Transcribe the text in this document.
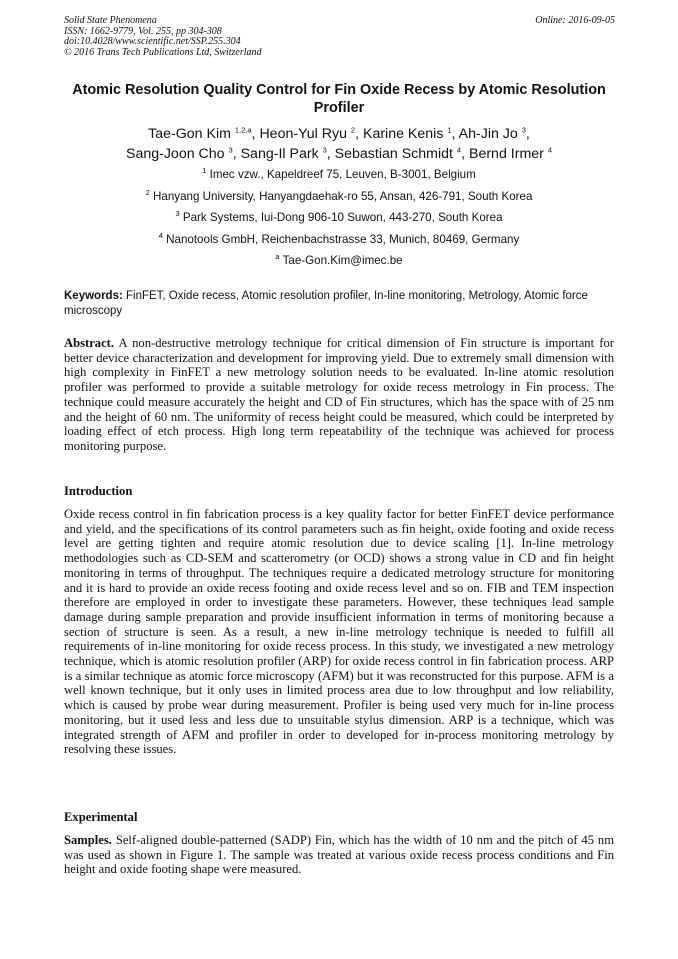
Solid State Phenomena
ISSN: 1662-9779, Vol. 255, pp 304-308
doi:10.4028/www.scientific.net/SSP.255.304
© 2016 Trans Tech Publications Ltd, Switzerland
Online: 2016-09-05
Atomic Resolution Quality Control for Fin Oxide Recess by Atomic Resolution Profiler
Tae-Gon Kim $^{1,2,a}$, Heon-Yul Ryu $^2$, Karine Kenis $^1$, Ah-Jin Jo $^3$,
Sang-Joon Cho $^3$, Sang-Il Park $^3$, Sebastian Schmidt $^4$, Bernd Irmer $^4$
$^1$ Imec vzw., Kapeldreef 75, Leuven, B-3001, Belgium
$^2$ Hanyang University, Hanyangdaehak-ro 55, Ansan, 426-791, South Korea
$^3$ Park Systems, Iui-Dong 906-10 Suwon, 443-270, South Korea
$^4$ Nanotools GmbH, Reichenbachstrasse 33, Munich, 80469, Germany
$^a$ Tae-Gon.Kim@imec.be
Keywords: FinFET, Oxide recess, Atomic resolution profiler, In-line monitoring, Metrology, Atomic force microscopy
Abstract. A non-destructive metrology technique for critical dimension of Fin structure is important for better device characterization and development for improving yield. Due to extremely small dimension with high complexity in FinFET a new metrology solution needs to be evaluated. In-line atomic resolution profiler was performed to provide a suitable metrology for oxide recess metrology in Fin process. The technique could measure accurately the height and CD of Fin structures, which has the space with of 25 nm and the height of 60 nm. The uniformity of recess height could be measured, which could be interpreted by loading effect of etch process. High long term repeatability of the technique was achieved for process monitoring purpose.
Introduction
Oxide recess control in fin fabrication process is a key quality factor for better FinFET device performance and yield, and the specifications of its control parameters such as fin height, oxide footing and oxide recess level are getting tighten and require atomic resolution due to device scaling [1]. In-line metrology methodologies such as CD-SEM and scatterometry (or OCD) shows a strong value in CD and fin height monitoring in terms of throughput. The techniques require a dedicated metrology structure for monitoring and it is hard to provide an oxide recess footing and oxide recess level and so on. FIB and TEM inspection therefore are employed in order to investigate these parameters. However, these techniques lead sample damage during sample preparation and provide insufficient information in terms of monitoring because a section of structure is seen. As a result, a new in-line metrology technique is needed to fulfill all requirements of in-line monitoring for oxide recess process. In this study, we investigated a new metrology technique, which is atomic resolution profiler (ARP) for oxide recess control in fin fabrication process. ARP is a similar technique as atomic force microscopy (AFM) but it was reconstructed for this purpose. AFM is a well known technique, but it only uses in limited process area due to low throughput and low reliability, which is caused by probe wear during measurement. Profiler is being used very much for in-line process monitoring, but it used less and less due to unsuitable stylus dimension. ARP is a technique, which was integrated strength of AFM and profiler in order to developed for in-process monitoring metrology by resolving these issues.
Experimental
Samples. Self-aligned double-patterned (SADP) Fin, which has the width of 10 nm and the pitch of 45 nm was used as shown in Figure 1. The sample was treated at various oxide recess process conditions and Fin height and oxide footing shape were measured.
